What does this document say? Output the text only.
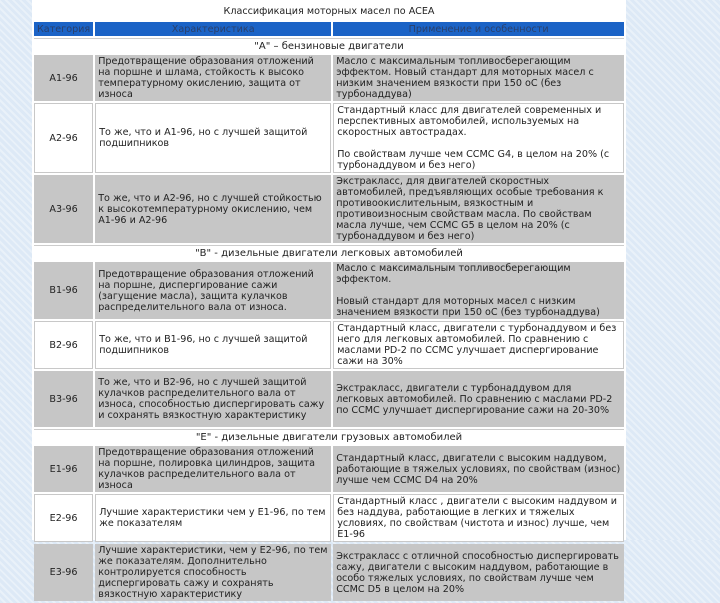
Классификация моторных масел по ACEA		
Категория	Характеристика	Применение и особенности
"A" – бензиновые двигатели		
A1-96	Предотвращение образования отложений на поршне и шлама, стойкость к высоко температурному окислению, защита от износа	Масло с максимальным топливосберегающим эффектом. Новый стандарт для моторных масел с низким значением вязкости при 150 оС (без турбонаддува)

A2-96	То же, что и A1-96, но с лучшей защитой подшипников	Стандартный класс для двигателей современных и перспективных автомобилей, используемых на скоростных автострадах.
По свойствам лучше чем CCMC G4, в целом на 20% (с турбонаддувом и без него)

A3-96	То же, что и A2-96, но с лучшей стойкостью к высокотемпературному окислению, чем A1-96 и A2-96	Экстракласс, для двигателей скоростных автомобилей, предъявляющих особые требования к противоокислительным, вязкостным и противоизносным свойствам масла. По свойствам масла лучше, чем CCMC G5 в целом на 20% (с турбонаддувом и без него)

"B" - дизельные двигатели легковых автомобилей		
B1-96	Предотвращение образования отложений на поршне, диспергирование сажи (загущение масла), защита кулачков распределительного вала от износа.	Масло с максимальным топливосберегающим эффектом.
Новый стандарт для моторных масел с низким значением вязкости при 150 оС (без турбонаддува)

B2-96	То же, что и B1-96, но с лучшей защитой подшипников	Стандартный класс, двигатели с турбонаддувом и без него для легковых автомобилей. По сравнению с маслами PD-2 по CCMC улучшает диспергирование сажи на 30%

B3-96	То же, что и B2-96, но с лучшей защитой кулачков распределительного вала от износа, способностью диспергировать сажу и сохранять вязкостную характеристику	Экстракласс, двигатели с турбонаддувом для легковых автомобилей. По сравнению с маслами PD-2 по CCMC улучшает диспергирование сажи на 20-30%

"E" - дизельные двигатели грузовых автомобилей		
E1-96	Предотвращение образования отложений на поршне, полировка цилиндров, защита кулачков распределительного вала от износа	Стандартный класс, двигатели с высоким наддувом, работающие в тяжелых условиях, по свойствам (износ) лучше чем CCMC D4 на 20%

E2-96	Лучшие характеристики чем у E1-96, по тем же показателям	Стандартный класс , двигатели с высоким наддувом и без наддува, работающие в легких и тяжелых условиях, по свойствам (чистота и износ) лучше, чем E1-96

E3-96	Лучшие характеристики, чем у E2-96, по тем же показателям. Дополнительно контролируется способность диспергировать сажу и сохранять вязкостную характеристику	Экстракласс с отличной способностью диспергировать сажу, двигатели с высоким наддувом, работающие в особо тяжелых условиях, по свойствам лучше чем CCMC D5 в целом на 20%
